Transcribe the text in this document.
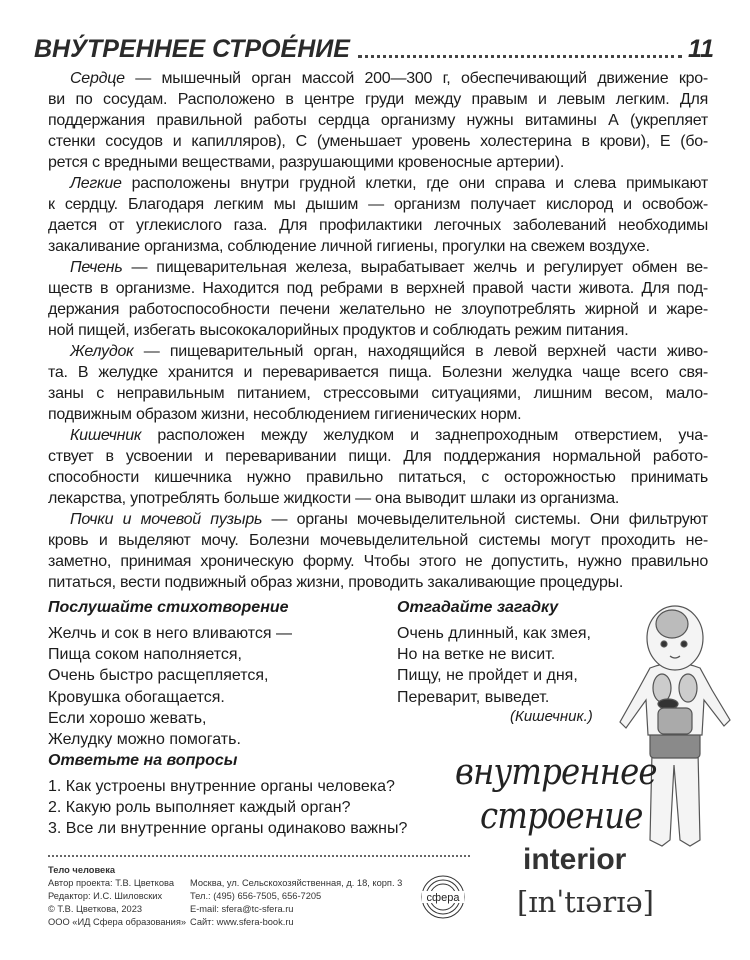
ВНУ́ТРЕННЕЕ СТРОЕ́НИЕ	11
Сердце — мышечный орган массой 200—300 г, обеспечивающий движение кро-
ви по сосудам. Расположено в центре груди между правым и левым легким. Для
поддержания правильной работы сердца организму нужны витамины А (укрепляет
стенки сосудов и капилляров), С (уменьшает уровень холестерина в крови), Е (бо-
рется с вредными веществами, разрушающими кровеносные артерии).
Легкие расположены внутри грудной клетки, где они справа и слева примыкают
к сердцу. Благодаря легким мы дышим — организм получает кислород и освобож-
дается от углекислого газа. Для профилактики легочных заболеваний необходимы
закаливание организма, соблюдение личной гигиены, прогулки на свежем воздухе.
Печень — пищеварительная железа, вырабатывает желчь и регулирует обмен ве-
ществ в организме. Находится под ребрами в верхней правой части живота. Для под-
держания работоспособности печени желательно не злоупотреблять жирной и жаре-
ной пищей, избегать высококалорийных продуктов и соблюдать режим питания.
Желудок — пищеварительный орган, находящийся в левой верхней части живо-
та. В желудке хранится и переваривается пища. Болезни желудка чаще всего свя-
заны с неправильным питанием, стрессовыми ситуациями, лишним весом, мало-
подвижным образом жизни, несоблюдением гигиенических норм.
Кишечник расположен между желудком и заднепроходным отверстием, уча-
ствует в усвоении и переваривании пищи. Для поддержания нормальной работо-
способности кишечника нужно правильно питаться, с осторожностью принимать
лекарства, употреблять больше жидкости — она выводит шлаки из организма.
Почки и мочевой пузырь — органы мочевыделительной системы. Они фильтруют
кровь и выделяют мочу. Болезни мочевыделительной системы могут проходить не-
заметно, принимая хроническую форму. Чтобы этого не допустить, нужно правильно
питаться, вести подвижный образ жизни, проводить закаливающие процедуры.
Послушайте стихотворение
Желчь и сок в него вливаются —
Пища соком наполняется,
Очень быстро расщепляется,
Кровушка обогащается.
Если хорошо жевать,
Желудку можно помогать.
Отгадайте загадку
Очень длинный, как змея,
Но на ветке не висит.
Пищу, не пройдет и дня,
Переварит, выведет.
(Кишечник.)
Ответьте на вопросы
1. Как устроены внутренние органы человека?
2. Какую роль выполняет каждый орган?
3. Все ли внутренние органы одинаково важны?
внутреннее
строение
interior
[ɪnˈtɪərɪə]
Тело человека
Автор проекта: Т.В. Цветкова
Редактор: И.С. Шиловских
© Т.В. Цветкова, 2023
ООО «ИД Сфера образования»
Москва, ул. Сельскохозяйственная, д. 18, корп. 3
Тел.: (495) 656-7505, 656-7205
E-mail: sfera@tc-sfera.ru
Сайт: www.sfera-book.ru
сфера
